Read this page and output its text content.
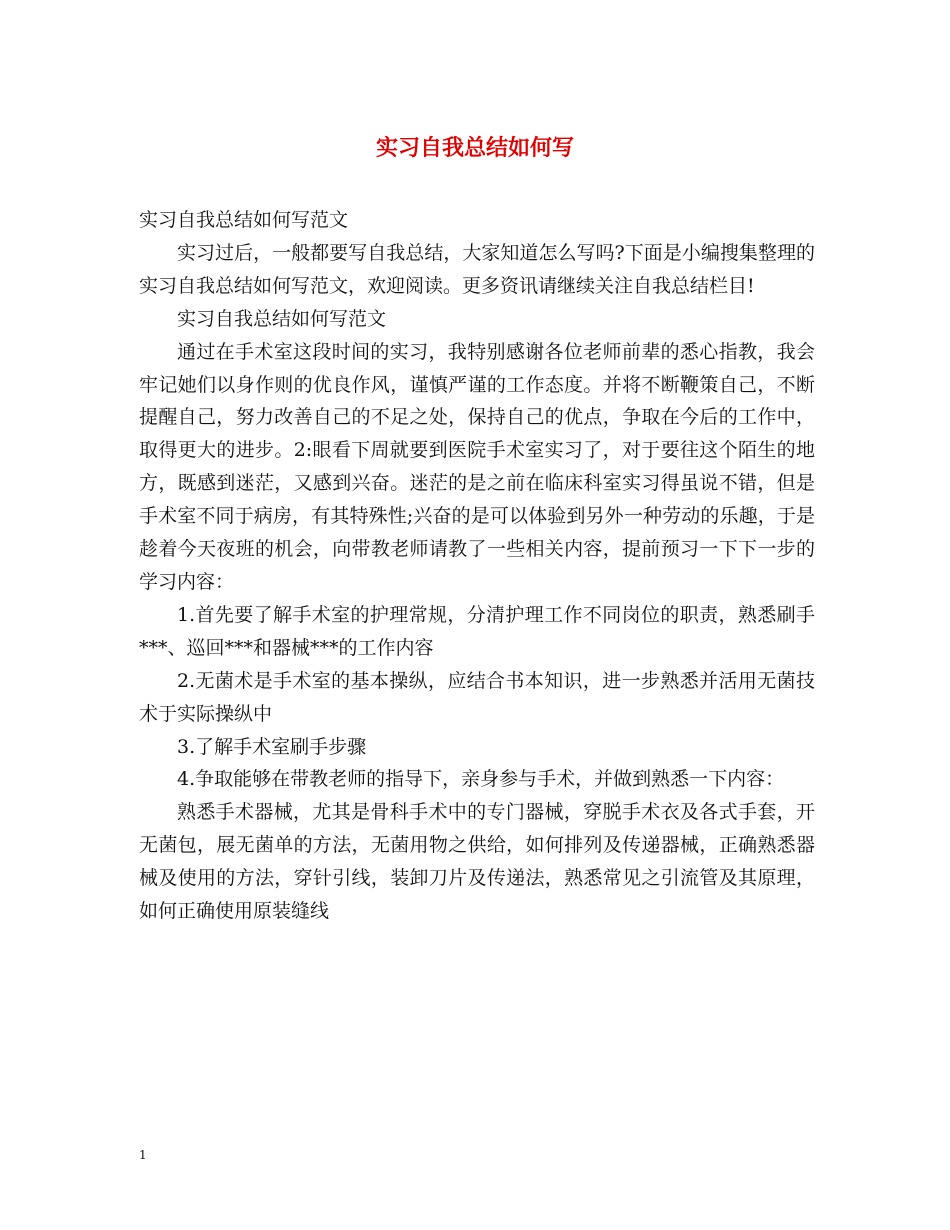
实习自我总结如何写

实习自我总结如何写范文

实习过后，一般都要写自我总结，大家知道怎么写吗?下面是小编搜集整理的实习自我总结如何写范文，欢迎阅读。更多资讯请继续关注自我总结栏目!

实习自我总结如何写范文

通过在手术室这段时间的实习，我特别感谢各位老师前辈的悉心指教，我会牢记她们以身作则的优良作风，谨慎严谨的工作态度。并将不断鞭策自己，不断提醒自己，努力改善自己的不足之处，保持自己的优点，争取在今后的工作中，取得更大的进步。2:眼看下周就要到医院手术室实习了，对于要往这个陌生的地方，既感到迷茫，又感到兴奋。迷茫的是之前在临床科室实习得虽说不错，但是手术室不同于病房，有其特殊性;兴奋的是可以体验到另外一种劳动的乐趣，于是趁着今天夜班的机会，向带教老师请教了一些相关内容，提前预习一下下一步的学习内容：

1.首先要了解手术室的护理常规，分清护理工作不同岗位的职责，熟悉刷手***、巡回***和器械***的工作内容

2.无菌术是手术室的基本操纵，应结合书本知识，进一步熟悉并活用无菌技术于实际操纵中

3.了解手术室刷手步骤

4.争取能够在带教老师的指导下，亲身参与手术，并做到熟悉一下内容：

熟悉手术器械，尤其是骨科手术中的专门器械，穿脱手术衣及各式手套，开无菌包，展无菌单的方法，无菌用物之供给，如何排列及传递器械，正确熟悉器械及使用的方法，穿针引线，装卸刀片及传递法，熟悉常见之引流管及其原理，如何正确使用原装缝线

1
